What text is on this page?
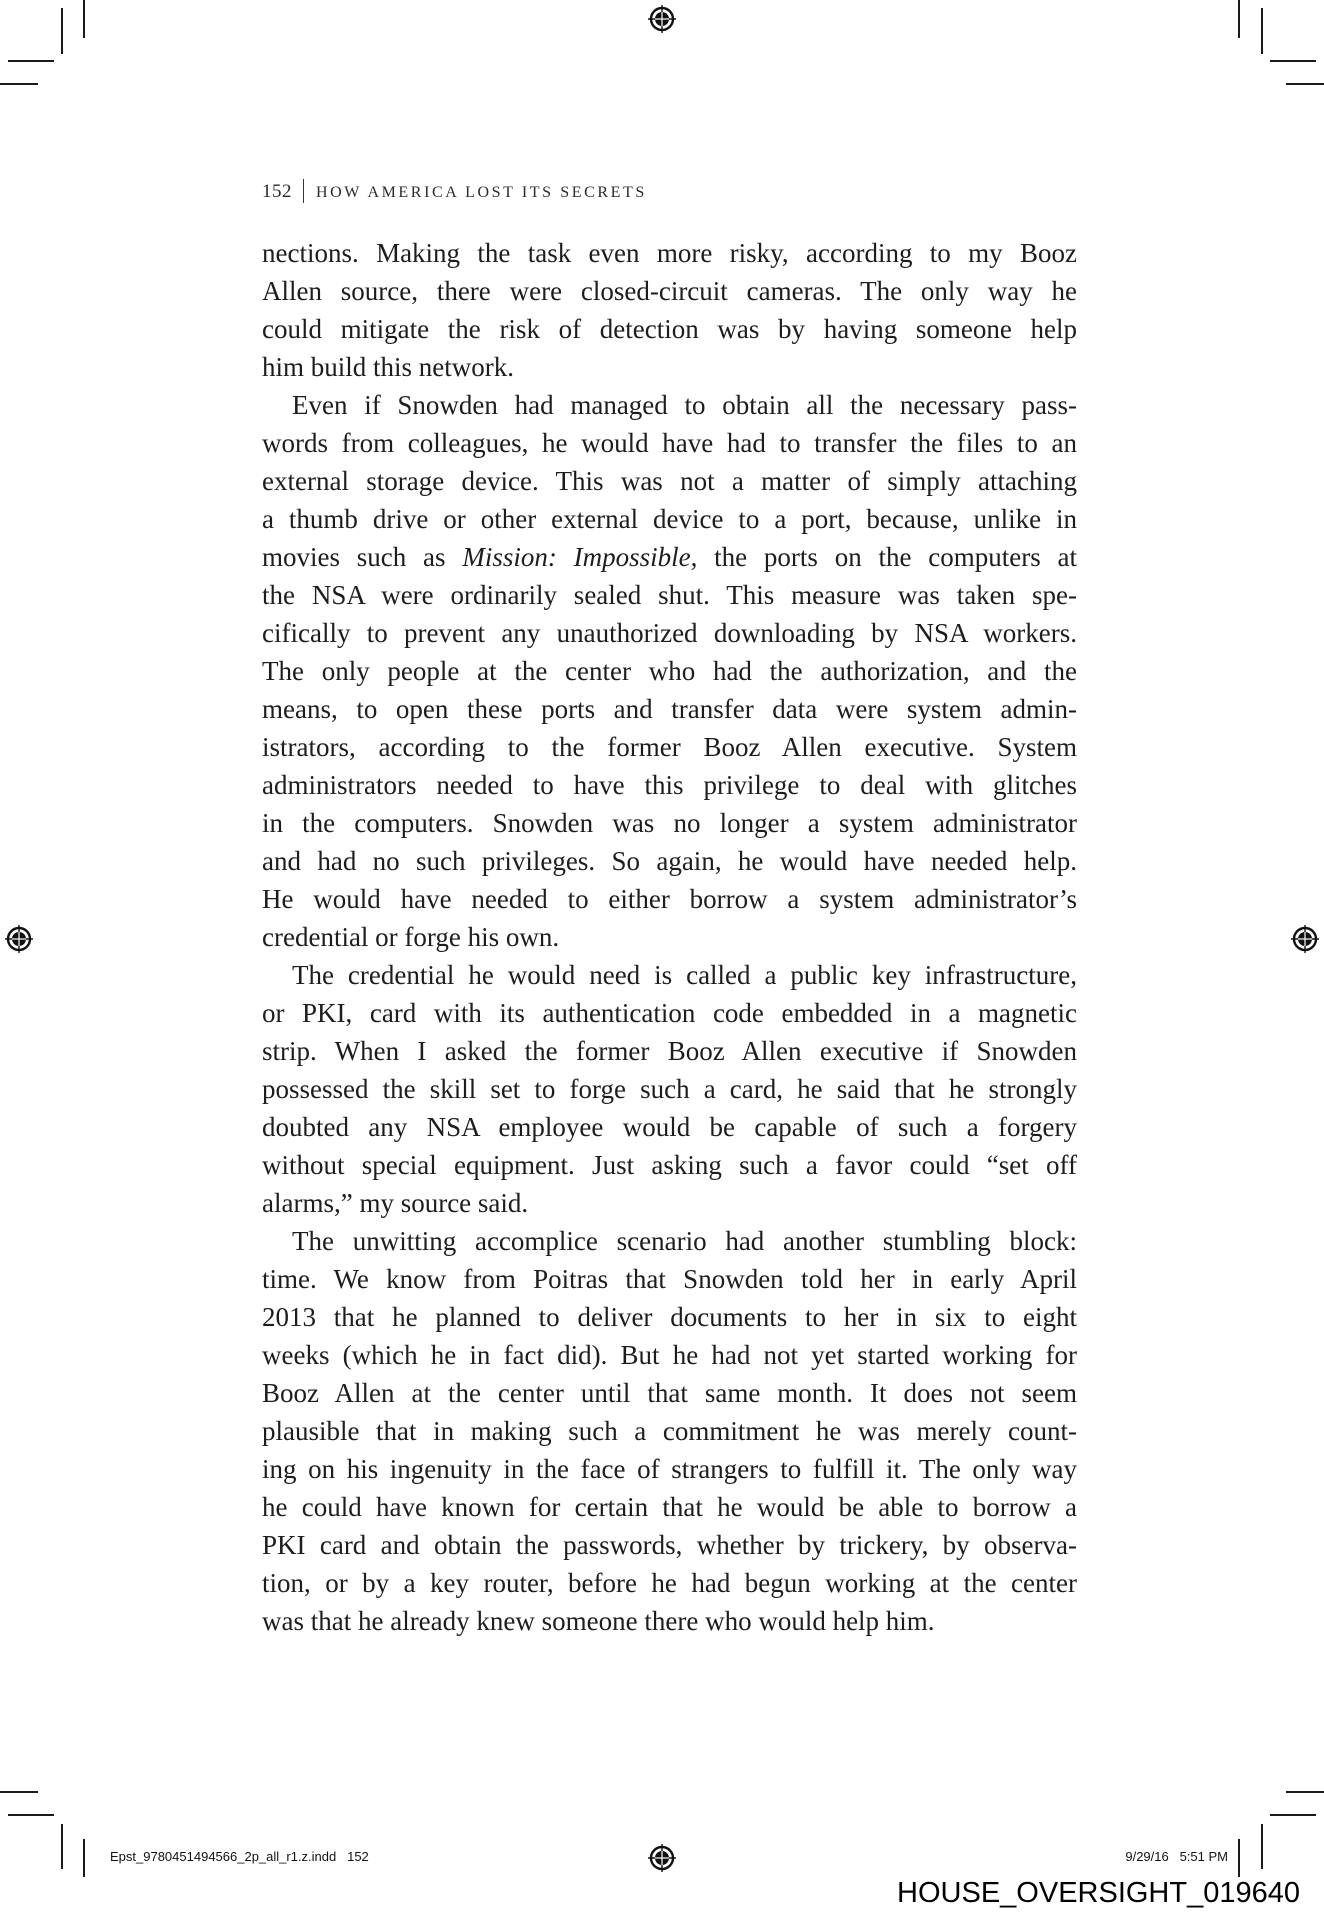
152 HOW AMERICA LOST ITS SECRETS
nections. Making the task even more risky, according to my Booz
Allen source, there were closed-circuit cameras. The only way he
could mitigate the risk of detection was by having someone help
him build this network.
Even if Snowden had managed to obtain all the necessary pass-
words from colleagues, he would have had to transfer the files to an
external storage device. This was not a matter of simply attaching
a thumb drive or other external device to a port, because, unlike in
movies such as Mission: Impossible, the ports on the computers at
the NSA were ordinarily sealed shut. This measure was taken spe-
cifically to prevent any unauthorized downloading by NSA workers.
The only people at the center who had the authorization, and the
means, to open these ports and transfer data were system admin-
istrators, according to the former Booz Allen executive. System
administrators needed to have this privilege to deal with glitches
in the computers. Snowden was no longer a system administrator
and had no such privileges. So again, he would have needed help.
He would have needed to either borrow a system administrator’s
credential or forge his own.
The credential he would need is called a public key infrastructure,
or PKI, card with its authentication code embedded in a magnetic
strip. When I asked the former Booz Allen executive if Snowden
possessed the skill set to forge such a card, he said that he strongly
doubted any NSA employee would be capable of such a forgery
without special equipment. Just asking such a favor could “set off
alarms,” my source said.
The unwitting accomplice scenario had another stumbling block:
time. We know from Poitras that Snowden told her in early April
2013 that he planned to deliver documents to her in six to eight
weeks (which he in fact did). But he had not yet started working for
Booz Allen at the center until that same month. It does not seem
plausible that in making such a commitment he was merely count-
ing on his ingenuity in the face of strangers to fulfill it. The only way
he could have known for certain that he would be able to borrow a
PKI card and obtain the passwords, whether by trickery, by observa-
tion, or by a key router, before he had begun working at the center
was that he already knew someone there who would help him.
Epst_9780451494566_2p_all_r1.z.indd 152	9/29/16 5:51 PM
HOUSE_OVERSIGHT_019640
